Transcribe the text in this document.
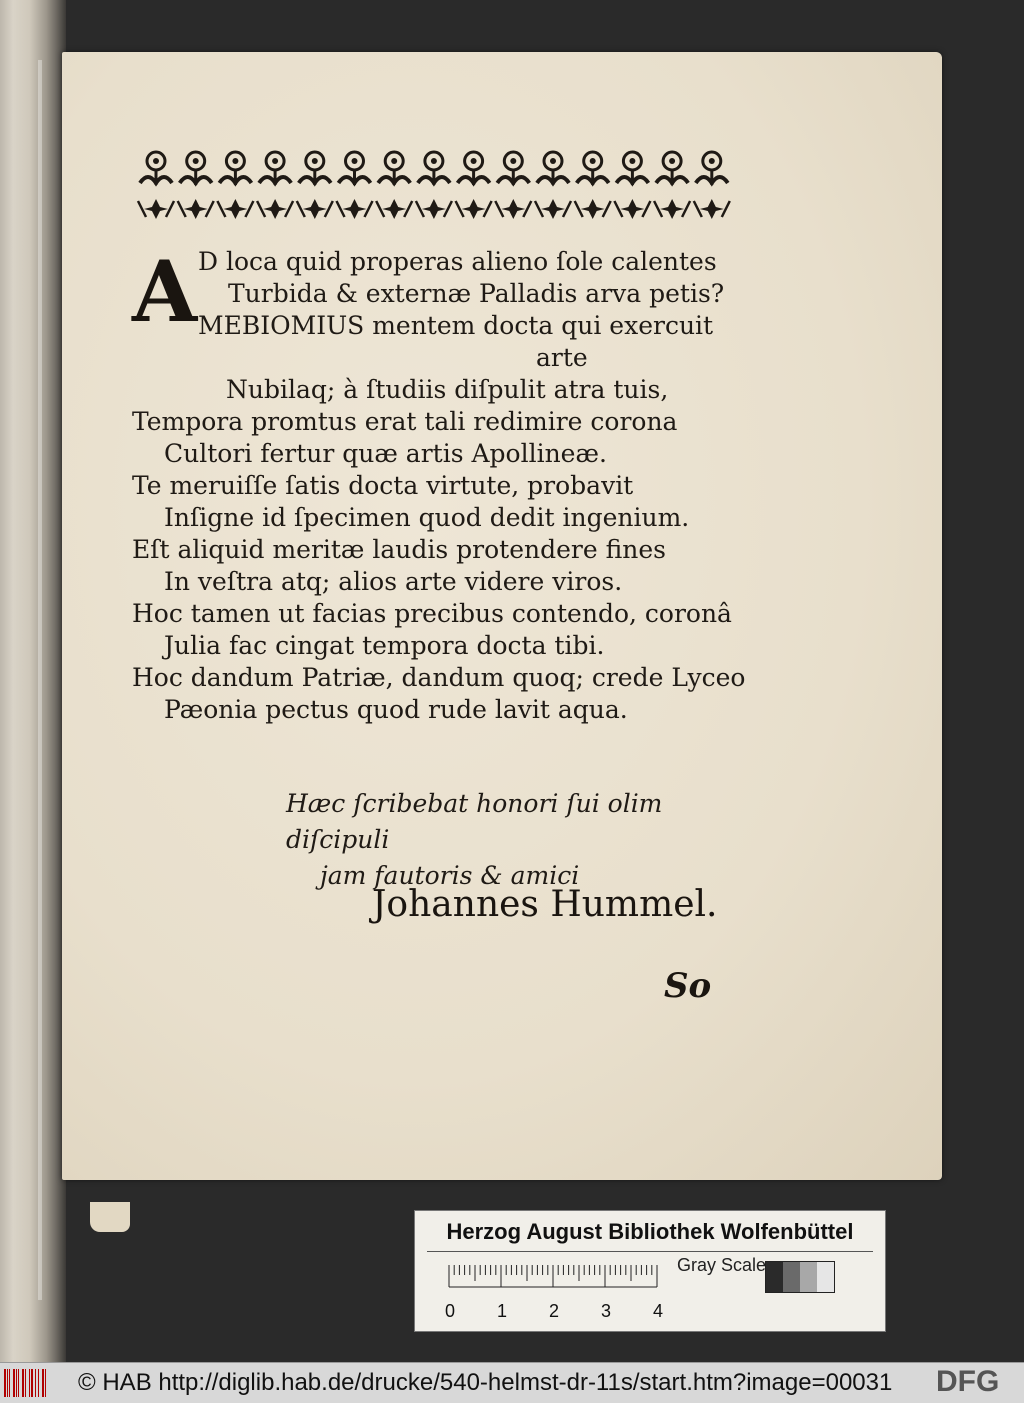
A D loca quid properas alieno ſole calentes
Turbida & externæ Palladis arva petis?
MEBIOMIUS mentem docta qui exercuit
arte
Nubilaq; à ſtudiis diſpulit atra tuis,
Tempora promtus erat tali redimire corona
Cultori fertur quæ artis Apollineæ.
Te meruiſſe ſatis docta virtute, probavit
Inſigne id ſpecimen quod dedit ingenium.
Eſt aliquid meritæ laudis protendere fines
In veſtra atq; alios arte videre viros.
Hoc tamen ut facias precibus contendo, coronâ
Julia fac cingat tempora docta tibi.
Hoc dandum Patriæ, dandum quoq; crede Lyceo
Pæonia pectus quod rude lavit aqua.
Hæc ſcribebat honori ſui olim diſcipuli
jam fautoris & amici
Johannes Hummel.
So
Herzog August Bibliothek Wolfenbüttel
0 1 2 3 4
Gray Scale
© HAB http://diglib.hab.de/drucke/540-helmst-dr-11s/start.htm?image=00031 DFG
